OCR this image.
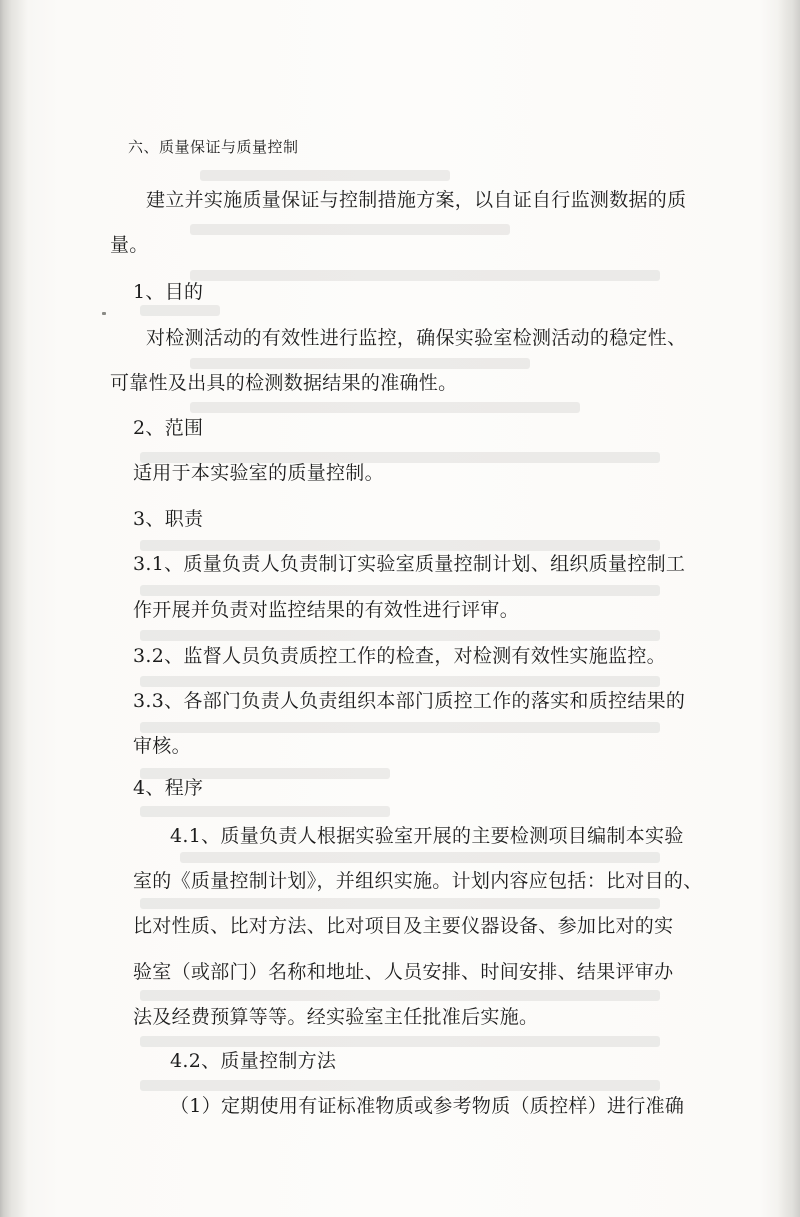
六、质量保证与质量控制
建立并实施质量保证与控制措施方案，以自证自行监测数据的质
量。
1、目的
对检测活动的有效性进行监控，确保实验室检测活动的稳定性、
可靠性及出具的检测数据结果的准确性。
2、范围
适用于本实验室的质量控制。
3、职责
3.1、质量负责人负责制订实验室质量控制计划、组织质量控制工
作开展并负责对监控结果的有效性进行评审。
3.2、监督人员负责质控工作的检查，对检测有效性实施监控。
3.3、各部门负责人负责组织本部门质控工作的落实和质控结果的
审核。
4、程序
4.1、质量负责人根据实验室开展的主要检测项目编制本实验
室的《质量控制计划》，并组织实施。计划内容应包括：比对目的、
比对性质、比对方法、比对项目及主要仪器设备、参加比对的实
验室（或部门）名称和地址、人员安排、时间安排、结果评审办
法及经费预算等等。经实验室主任批准后实施。
4.2、质量控制方法
（1）定期使用有证标准物质或参考物质（质控样）进行准确
